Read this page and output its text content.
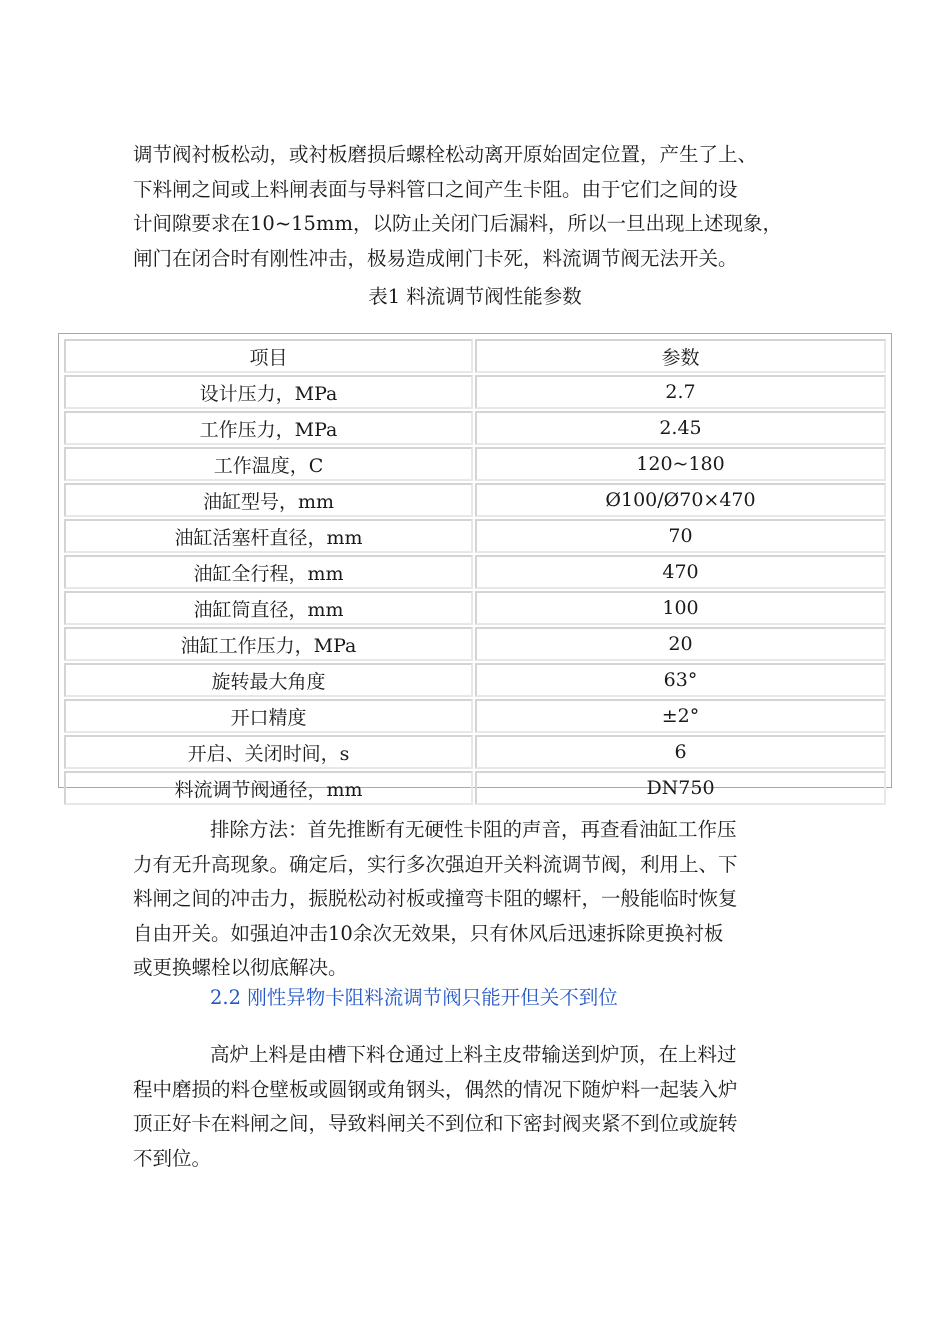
调节阀衬板松动，或衬板磨损后螺栓松动离开原始固定位置，产生了上、
下料闸之间或上料闸表面与导料管口之间产生卡阻。由于它们之间的设
计间隙要求在10~15mm，以防止关闭门后漏料，所以一旦出现上述现象，
闸门在闭合时有刚性冲击，极易造成闸门卡死，料流调节阀无法开关。

表1 料流调节阀性能参数

项目	参数
设计压力，MPa	2.7
工作压力，MPa	2.45
工作温度，C	120~180
油缸型号，mm	Ø100/Ø70×470
油缸活塞杆直径，mm	70
油缸全行程，mm	470
油缸筒直径，mm	100
油缸工作压力，MPa	20
旋转最大角度	63°
开口精度	±2°
开启、关闭时间，s	6
料流调节阀通径，mm	DN750
排除方法：首先推断有无硬性卡阻的声音，再查看油缸工作压
力有无升高现象。确定后，实行多次强迫开关料流调节阀，利用上、下
料闸之间的冲击力，振脱松动衬板或撞弯卡阻的螺杆，一般能临时恢复
自由开关。如强迫冲击10余次无效果，只有休风后迅速拆除更换衬板
或更换螺栓以彻底解决。

2.2 刚性异物卡阻料流调节阀只能开但关不到位

高炉上料是由槽下料仓通过上料主皮带输送到炉顶，在上料过
程中磨损的料仓壁板或圆钢或角钢头，偶然的情况下随炉料一起装入炉
顶正好卡在料闸之间，导致料闸关不到位和下密封阀夹紧不到位或旋转
不到位。
